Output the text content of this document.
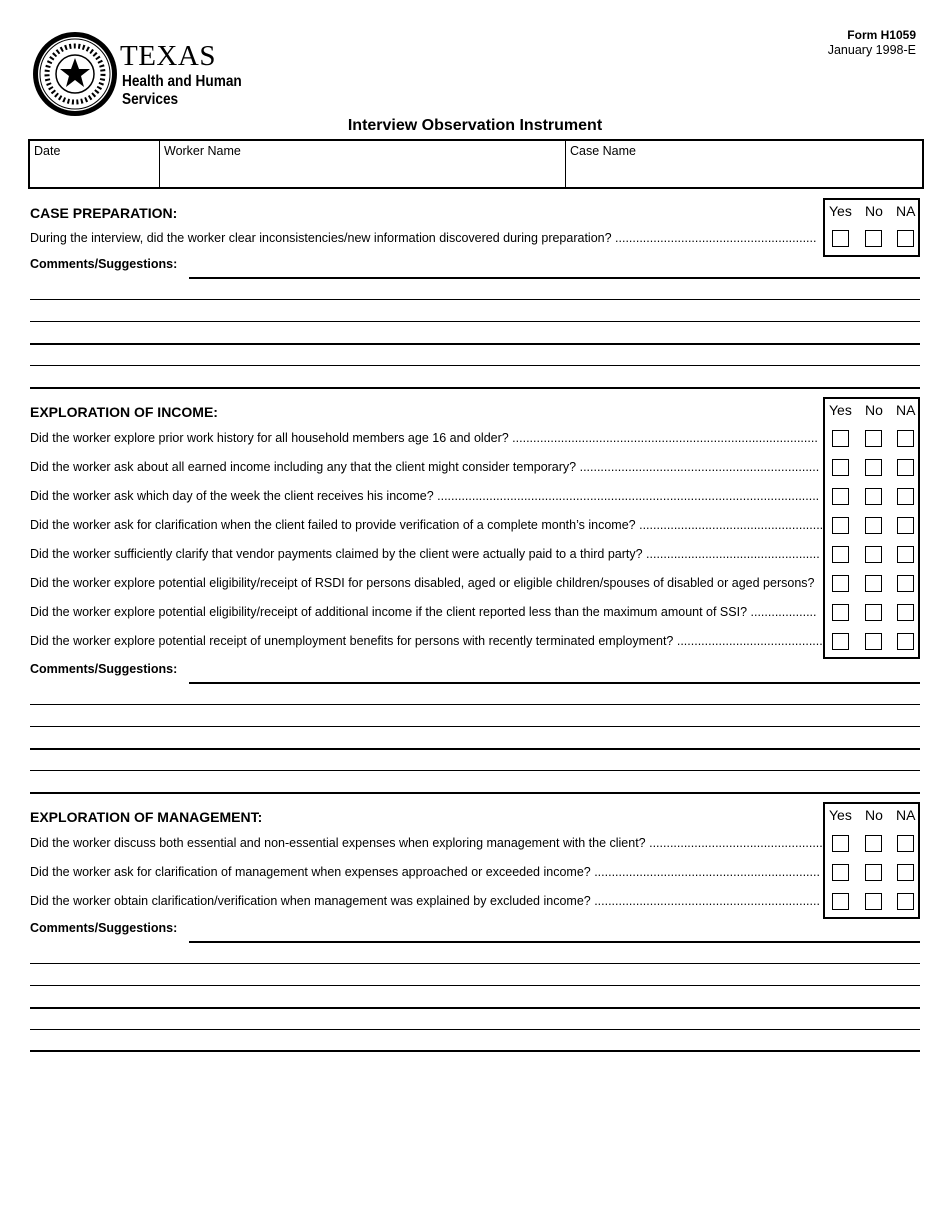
TEXAS
Health and Human
Services
Form H1059
January 1998-E
Interview Observation Instrument
Date	Worker Name	Case Name
CASE PREPARATION:	Yes No NA
During the interview, did the worker clear inconsistencies/new information discovered during preparation? ..........................................................
Comments/Suggestions:
EXPLORATION OF INCOME:	Yes No NA
Did the worker explore prior work history for all household members age 16 and older? ........................................................................................
Did the worker ask about all earned income including any that the client might consider temporary? .....................................................................
Did the worker ask which day of the week the client receives his income? ..............................................................................................................
Did the worker ask for clarification when the client failed to provide verification of a complete month’s income? .....................................................
Did the worker sufficiently clarify that vendor payments claimed by the client were actually paid to a third party? ..................................................
Did the worker explore potential eligibility/receipt of RSDI for persons disabled, aged or eligible children/spouses of disabled or aged persons?
Did the worker explore potential eligibility/receipt of additional income if the client reported less than the maximum amount of SSI? ...................
Did the worker explore potential receipt of unemployment benefits for persons with recently terminated employment? ..........................................
Comments/Suggestions:
EXPLORATION OF MANAGEMENT:	Yes No NA
Did the worker discuss both essential and non-essential expenses when exploring management with the client? ..................................................
Did the worker ask for clarification of management when expenses approached or exceeded income? .................................................................
Did the worker obtain clarification/verification when management was explained by excluded income? .................................................................
Comments/Suggestions:
